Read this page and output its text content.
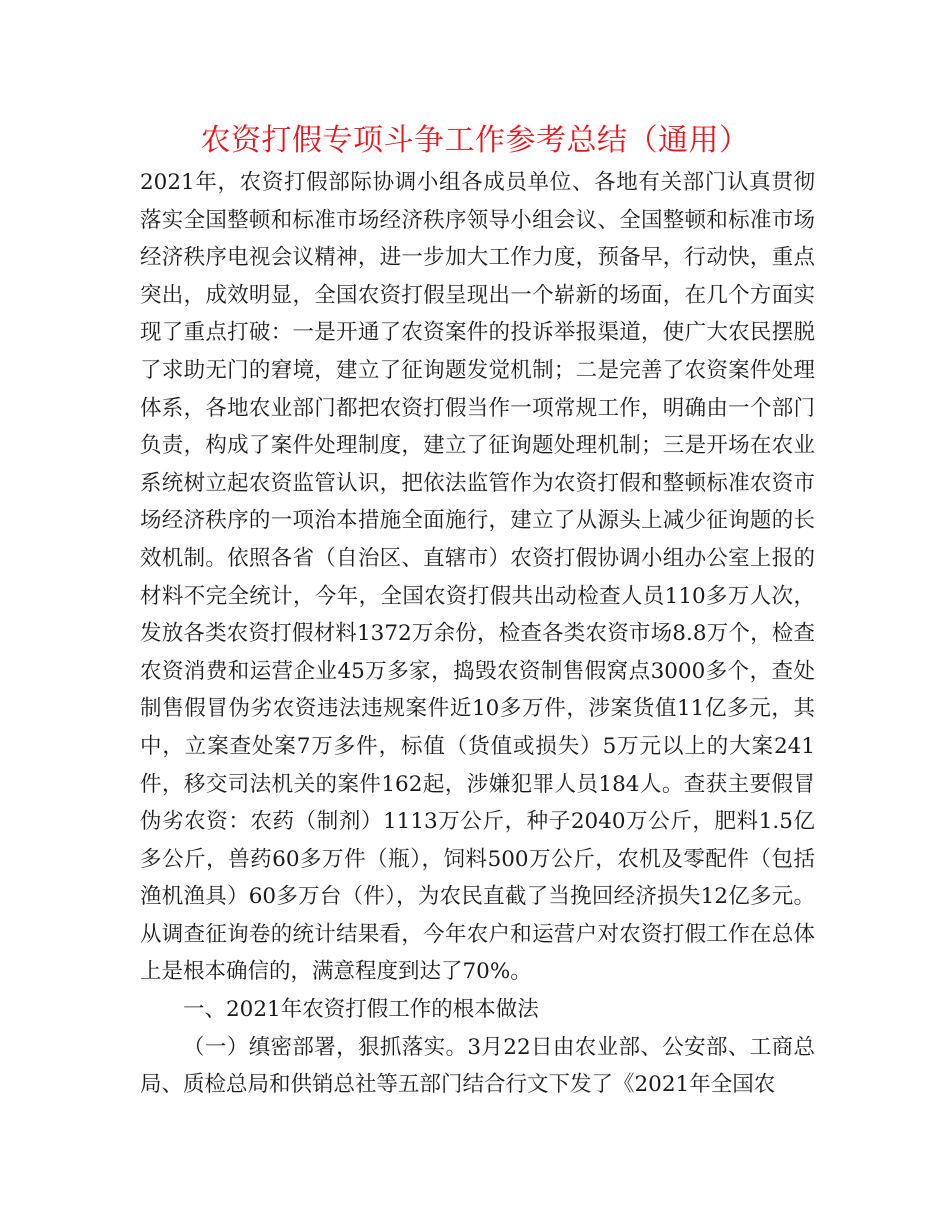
农资打假专项斗争工作参考总结（通用）

2021年，农资打假部际协调小组各成员单位、各地有关部门认真贯彻落实全国整顿和标准市场经济秩序领导小组会议、全国整顿和标准市场经济秩序电视会议精神，进一步加大工作力度，预备早，行动快，重点突出，成效明显，全国农资打假呈现出一个崭新的场面，在几个方面实现了重点打破：一是开通了农资案件的投诉举报渠道，使广大农民摆脱了求助无门的窘境，建立了征询题发觉机制；二是完善了农资案件处理体系，各地农业部门都把农资打假当作一项常规工作，明确由一个部门负责，构成了案件处理制度，建立了征询题处理机制；三是开场在农业系统树立起农资监管认识，把依法监管作为农资打假和整顿标准农资市场经济秩序的一项治本措施全面施行，建立了从源头上减少征询题的长效机制。依照各省（自治区、直辖市）农资打假协调小组办公室上报的材料不完全统计，今年，全国农资打假共出动检查人员110多万人次，发放各类农资打假材料1372万余份，检查各类农资市场8.8万个，检查农资消费和运营企业45万多家，捣毁农资制售假窝点3000多个，查处制售假冒伪劣农资违法违规案件近10多万件，涉案货值11亿多元，其中，立案查处案7万多件，标值（货值或损失）5万元以上的大案241件，移交司法机关的案件162起，涉嫌犯罪人员184人。查获主要假冒伪劣农资：农药（制剂）1113万公斤，种子2040万公斤，肥料1.5亿多公斤，兽药60多万件（瓶），饲料500万公斤，农机及零配件（包括渔机渔具）60多万台（件），为农民直截了当挽回经济损失12亿多元。从调查征询卷的统计结果看，今年农户和运营户对农资打假工作在总体上是根本确信的，满意程度到达了70%。

一、2021年农资打假工作的根本做法

（一）缜密部署，狠抓落实。3月22日由农业部、公安部、工商总局、质检总局和供销总社等五部门结合行文下发了《2021年全国农
